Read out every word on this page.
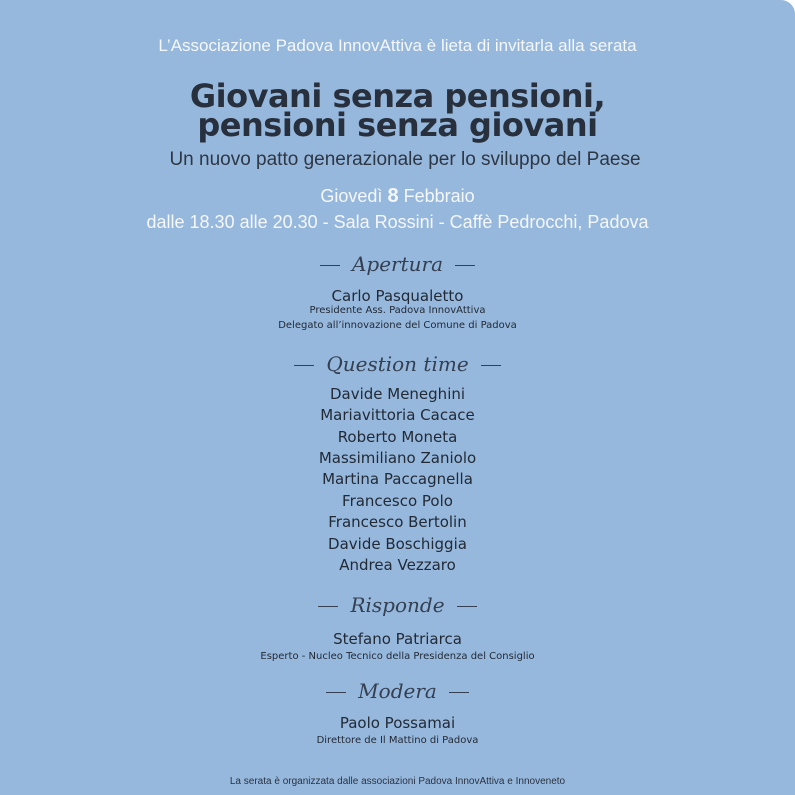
L’Associazione Padova InnovAttiva è lieta di invitarla alla serata
Giovani senza pensioni,
pensioni senza giovani
Un nuovo patto generazionale per lo sviluppo del Paese
Giovedì 8 Febbraio
dalle 18.30 alle 20.30 - Sala Rossini - Caffè Pedrocchi, Padova
Apertura
Carlo Pasqualetto
Presidente Ass. Padova InnovAttiva
Delegato all’innovazione del Comune di Padova
Question time
Davide Meneghini
Mariavittoria Cacace
Roberto Moneta
Massimiliano Zaniolo
Martina Paccagnella
Francesco Polo
Francesco Bertolin
Davide Boschiggia
Andrea Vezzaro
Risponde
Stefano Patriarca
Esperto - Nucleo Tecnico della Presidenza del Consiglio
Modera
Paolo Possamai
Direttore de Il Mattino di Padova
La serata è organizzata dalle associazioni Padova InnovAttiva e Innoveneto
